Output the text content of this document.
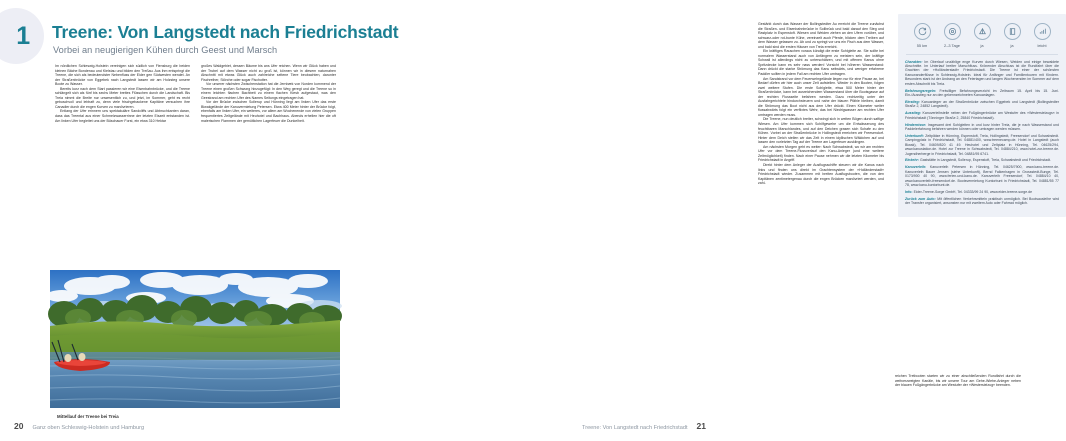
1 Treene: Von Langstedt nach Friedrichstadt
Vorbei an neugierigen Kühen durch Geest und Marsch

Im nördlichen Schleswig-Holstein vereinigen sich südlich von Flensburg die beiden kleinen Bäche Bondenau und Kielstau und bilden den Treßau. Aus ihm entspringt die Treene, die sich als bedeutendster Nebenfluss der Eider gen Südwesten wendet. An der Straßenbrücke von Eggebek nach Langstedt lassen wir am Holzsteg unsere Boote zu Wasser.

Bereits kurz nach dem Start passieren wir eine Eisenbahnbrücke, und die Treene schlängelt sich als fünf bis sechs Meter breites Flüsschen durch die Landschaft. Bis Treia nimmt die Breite nur unwesentlich zu, und jetzt, im Sommer, geht es recht gebuschvoll und lebhaft zu, denn viele frischgebackene Kapitäne versuchen ihre Canadier durch die engen Kurven zu manövrieren.

Entlang der Ufer erinnern uns spektakuläre Sandcliffs und Abbruchkanten daran, dass das Treental aus einer Schmelzwasserrinne der letzten Eiszeit entstanden ist. Am linken Ufer begleitet uns der Büschauer Forst, ein etwa 310 Hektar

großes Waldgebiet, dessen Bäume bis ans Ufer reichen. Wenn wir Glück haben und der Trubel auf dem Wasser nicht zu groß ist, können wir in diesem naturnahen Abschnitt mit etwas Glück auch zahlreiche seltene Tiere beobachten, darunter Fischreiher, Störche oder sogar Fischotter.

Vor unserer nächsten Zwischenstation hat die Jernbæk von Norden kommend der Treene einen großen Schwung hinzugefügt: In den Weg geregt und die Treene so in einem leichten flachen Bachbett zu einem flachen Kiesb aufgestaut, was den Geestrand am rechten Ufer des Names Seitungs eingetragen hat.

Vor der Brücke zwischen Sollerup und Hünning liegt am linken Ufer das erste Biwakgelände der Kanuvermietung Petersen. Etwa 400 Meter hinter der Brücke folgt, ebenfalls am linken Ufer, ein weiteres, vor allem am Wochenende von vielen Gruppen frequentiertes Zeltgelände mit Heuhotel und Bachhaus. Abends erhellen hier die oft malerischen Flammen der gemütlichen Lagerfeuer die Dunkelheit.

Mittellauf der Treene bei Treia
20 Ganz oben Schleswig-Holstein und Hamburg

Gestärkt durch das Wasser der Bollingstedter Au erreicht die Treene zunächst die Straßen- und Eisenbahnbrücke in Sollbrück und bald darauf den Steg und Rastplatz in Espenstoft. Wiesen und Weiden ziehen an den Ufern vorüber, und schwarz-oder rot-bunte Kühe, vereinzelt auch Pferde, blicken dem Treiben auf dem Wasser gelassen zu. Ab und zu springt vor uns ein Fisch aus dem Wasser, und bald sind die ersten Häuser von Treia erreicht.

Ein kräftiges Rauschen voraus kündigt die erste Sohlgleite an. Sie sollte bei normalem Wasserstand auch von Anfängern zu meistern sein, der kräftige Schwall ist allerdings nicht zu unterschätzen, und mit offenen Kanus ohne Spritzdecke kann es sehr nass werden! Vorsicht bei höheren Wasserstand: Dann drückt die starke Strömung das Kanu seitwärts, und weniger erfahrene Paddler sollten in jedem Fall am rechten Ufer umtragen.

Am Sandstrand vor dem Feuerwehrgelände liegen nur für eine Pause an, bei Bedarf dürfen wir hier auch unser Zelt aufstellen. Wieder in den Booten, folgen zwei weitere Stufen. Die erste Sohlgleite, etwa 500 Meter hinter der Straßenbrücke, kann bei ausreichendem Wasserstand über die Bootsgasse auf der rechten Flussseite befahren werden. Dazu rechtzeitig unter der Ausfahrgerichtete hindurchsteuern und nahe der blauen Pfähle bleiben, damit die Strömung das Boot nicht aus dem Ufer drückt. Einen Kilometer weiter flussabwärts folgt ein verflixtes Wehr, das bei Niedrigwasser am rechten Ufer umtragen werden muss.

Die Treene, nun deutlich breiter, schwingt sich in weiten Bögen durch saftige Wiesen. Am Ufer kommen sich Schilfgewehe um die Entwässerung des feuchtbaren Marschlandes, und auf den Deichen grasen sich Schafe zu den Kühen. Vorbei an der Straßenbrücke in Hollingstedt erreichen wir Freesendorf. Hinter dem Deich stellen wir das Zelt in einem idyllischen Wäldchen auf und lassen den vorletzten Tag auf der Treene am Lagerfeuer ausklingen.

Am nächsten Morgen geht es weiter: Nach Schwabstedt, wo wir am rechten Ufer vor dem Treene-Flussverlauf den Kanu-Anleger (und eine weitere Zeltmöglichkeit) finden. Nach einer Pause nehmen wir die letzten Kilometer bis Friedrichstadt in Angriff.

Direkt hinter dem Anleger der Ausflugsschiffe steuern wir die Kanus nach links und finden uns direkt im Grachtensystem der »Holländerstadt« Friedrichstadt wieder. Zusammen mit breiten Ausflugsbooten, die von den Kapitänen zentimetergenau durch die engen Brücken manövriert werden, und zahl-

reichen Tretbooten starten wir zu einer abschließenden Rundfahrt durch die weitverzweigten Kanäle, bis wir unsere Tour am Gehe-Wiehe-Anleger neben der blauen Fußgängerbrücke am Westufer der »Westersielzug« beenden.

55 km	2–3 Tage	ja	ja	leicht
Charakter: Im Oberlauf unzählige enge Kurven durch Wiesen, Weiden und einige bewaldete Abschnitte. Im Unterlauf breiter Marschfluss. Krönender Abschluss ist die Rundfahrt über die Grachten der »Holländerstadt« Friedrichstadt. Die Treene ist einer der schönsten Kanuwanderflüsse in Schleswig-Holstein. Ideal für Anfänger und Familientouren mit Kindern. Besonders stark ist der Andrang an den Feiertagen und langen Wochenenden im Sommer auf dem ersten Abschnitt bis Treia.
Befahrungsregeln: Freiwilliger Befahrungsverzicht im Zeitraum 15. April bis 15. Juni. Ein-/Ausstieg nur an den gekennzeichneten Kanuanlagen.
Einstieg: Kanuanleger an der Straßenbrücke zwischen Eggebek und Langstedt (Bollingstedter Straße 2, 24852 Langstedt).
Ausstieg: Kanuverleihstelle neben der Fußgängerbrücke am Westufer des »Westersielzugs« in Friedrichstadt (Tönninger Straße 2, 25840 Friedrichstadt).
Hindernisse: Insgesamt drei Sohlgleiten in und kurz hinter Treia, die je nach Wasserstand und Paddelerfahrung befahren werden können oder umtragen werden müssen.
Unterkunft: Zeltplätze in Hünning, Espenstoft, Treia, Hollingstedt, Freesendorf und Schwabstedt. Campingplatz in Friedrichstadt, Tel. 04881/400, www.treenecamp.de. Hotel in Langstedt (auch Biwak), Tel. 04609/820 41 49. Heuhotel und Zeltplatz in Hünning, Tel. 04625/294, www.kanustation.de. Hotel zur Treene in Schwabstedt, Tel. 04884/210, www.hotel-zur-treene.de. Jugendherberge in Friedrichstadt, Tel. 04881/95 6741.
Einkehr: Gaststätte in Langstedt, Sollerup, Espenstoft, Treia, Schwabstedt und Friedrichstadt.
Kanuverleih: Kanuverleih Petersen in Hünning, Tel. 04625/7900, www.kanu-treene.de. Kanuverleih Bauer Jensen (siehe Unterkunft), Bernd Falkenhagen in Grossstedt-Bunge, Tel. 0173/900 40 90, www.ferien-und-kanu.de. Kanuverleih Freesendorf, Tel. 04884/10 40, www.kanuverleih-freesendorf.de. Bootsvermietung Kuntorbunt in Friedrichstadt, Tel. 04881/55 77 78, www.kanu-kuntorbunt.de.
Info: Eider-Treene-Sorge GmbH, Tel. 04333/99 24 90, www.eider-treene-sorge.de
Zurück zum Auto: Mit öffentlichen Verkehrsmitteln praktisch unmöglich. Bei Bootsausleihe wird der Transfer organisiert, ansonsten nur mit zweitem Auto oder Fahrrad möglich.
Treene: Von Langstedt nach Friedrichstadt 21
